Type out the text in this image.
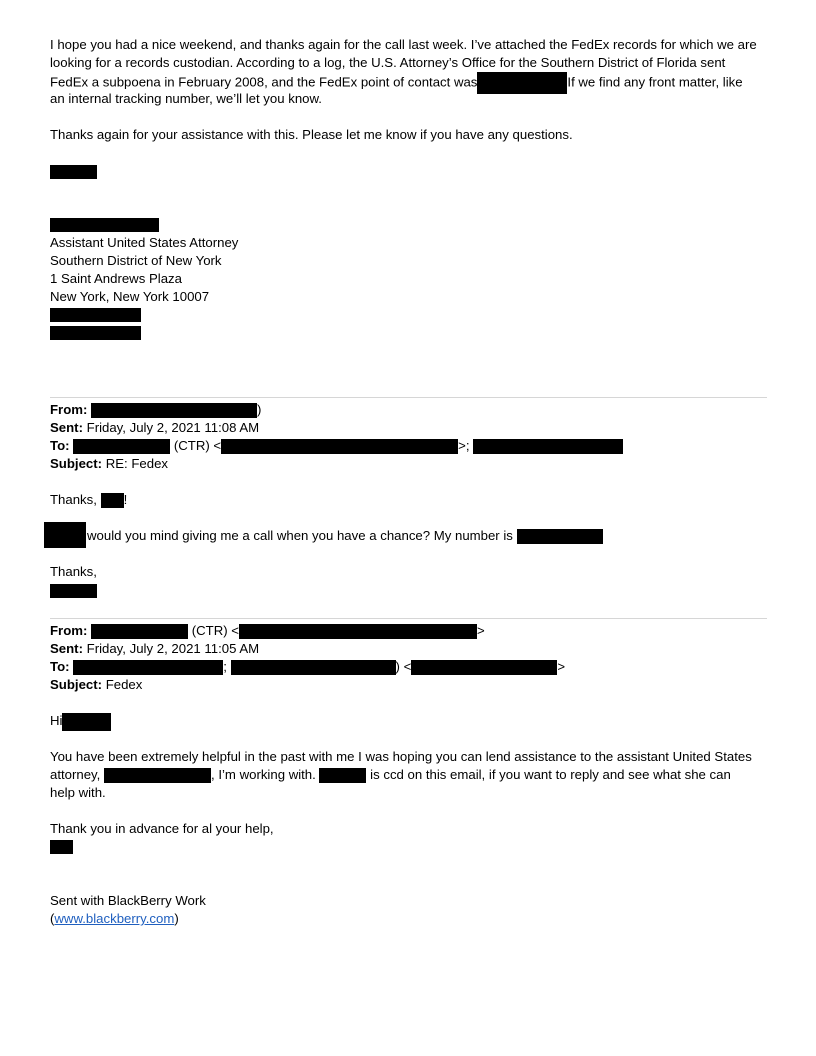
I hope you had a nice weekend, and thanks again for the call last week. I’ve attached the FedEx records for which we are
looking for a records custodian. According to a log, the U.S. Attorney’s Office for the Southern District of Florida sent
FedEx a subpoena in February 2008, and the FedEx point of contact was	If we find any front matter, like
an internal tracking number, we’ll let you know.
Thanks again for your assistance with this. Please let me know if you have any questions.
Assistant United States Attorney
Southern District of New York
1 Saint Andrews Plaza
New York, New York 10007
From:	)
Sent: Friday, July 2, 2021 11:08 AM
To:	(CTR) <	>;
Subject: RE: Fedex
Thanks, !
would you mind giving me a call when you have a chance? My number is
Thanks,
From:	(CTR) <	>
Sent: Friday, July 2, 2021 11:05 AM
To:	;	) <	>
Subject: Fedex
Hi
You have been extremely helpful in the past with me I was hoping you can lend assistance to the assistant United States
attorney,	, I’m working with.	is ccd on this email, if you want to reply and see what she can
help with.
Thank you in advance for al your help,
Sent with BlackBerry Work
(www.blackberry.com)
